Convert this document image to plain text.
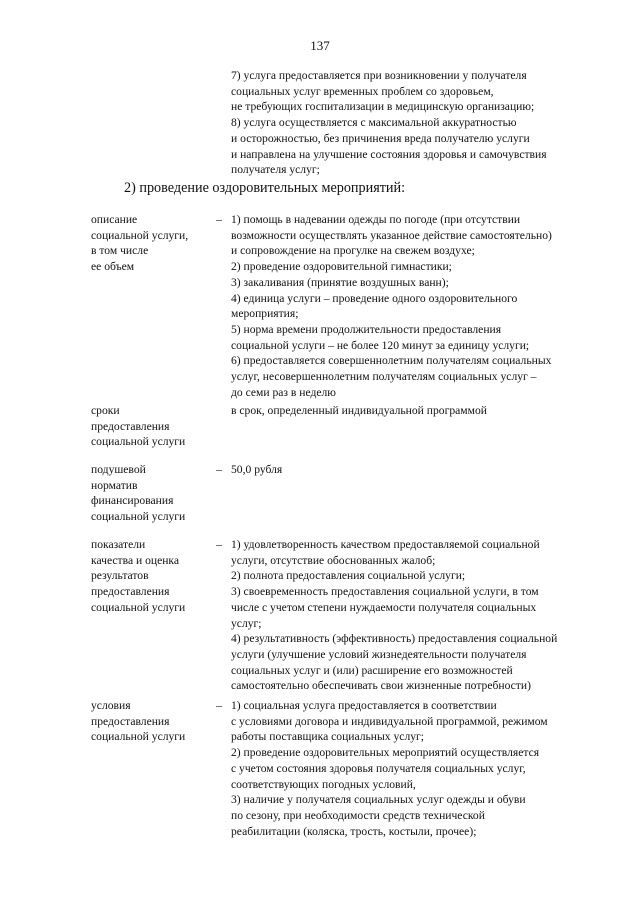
137
7) услуга предоставляется при возникновении у получателя
социальных услуг временных проблем со здоровьем,
не требующих госпитализации в медицинскую организацию;
8) услуга осуществляется с максимальной аккуратностью
и осторожностью, без причинения вреда получателю услуги
и направлена на улучшение состояния здоровья и самочувствия
получателя услуг;
2) проведение оздоровительных мероприятий:
описание
социальной услуги,
в том числе
ее объем
– 1) помощь в надевании одежды по погоде (при отсутствии
возможности осуществлять указанное действие самостоятельно)
и сопровождение на прогулке на свежем воздухе;
2) проведение оздоровительной гимнастики;
3) закаливания (принятие воздушных ванн);
4) единица услуги – проведение одного оздоровительного
мероприятия;
5) норма времени продолжительности предоставления
социальной услуги – не более 120 минут за единицу услуги;
6) предоставляется совершеннолетним получателям социальных
услуг, несовершеннолетним получателям социальных услуг –
до семи раз в неделю
сроки
предоставления
социальной услуги
в срок, определенный индивидуальной программой
подушевой
норматив
финансирования
социальной услуги
– 50,0 рубля
показатели
качества и оценка
результатов
предоставления
социальной услуги
– 1) удовлетворенность качеством предоставляемой социальной
услуги, отсутствие обоснованных жалоб;
2) полнота предоставления социальной услуги;
3) своевременность предоставления социальной услуги, в том
числе с учетом степени нуждаемости получателя социальных
услуг;
4) результативность (эффективность) предоставления социальной
услуги (улучшение условий жизнедеятельности получателя
социальных услуг и (или) расширение его возможностей
самостоятельно обеспечивать свои жизненные потребности)
условия
предоставления
социальной услуги
– 1) социальная услуга предоставляется в соответствии
с условиями договора и индивидуальной программой, режимом
работы поставщика социальных услуг;
2) проведение оздоровительных мероприятий осуществляется
с учетом состояния здоровья получателя социальных услуг,
соответствующих погодных условий,
3) наличие у получателя социальных услуг одежды и обуви
по сезону, при необходимости средств технической
реабилитации (коляска, трость, костыли, прочее);
